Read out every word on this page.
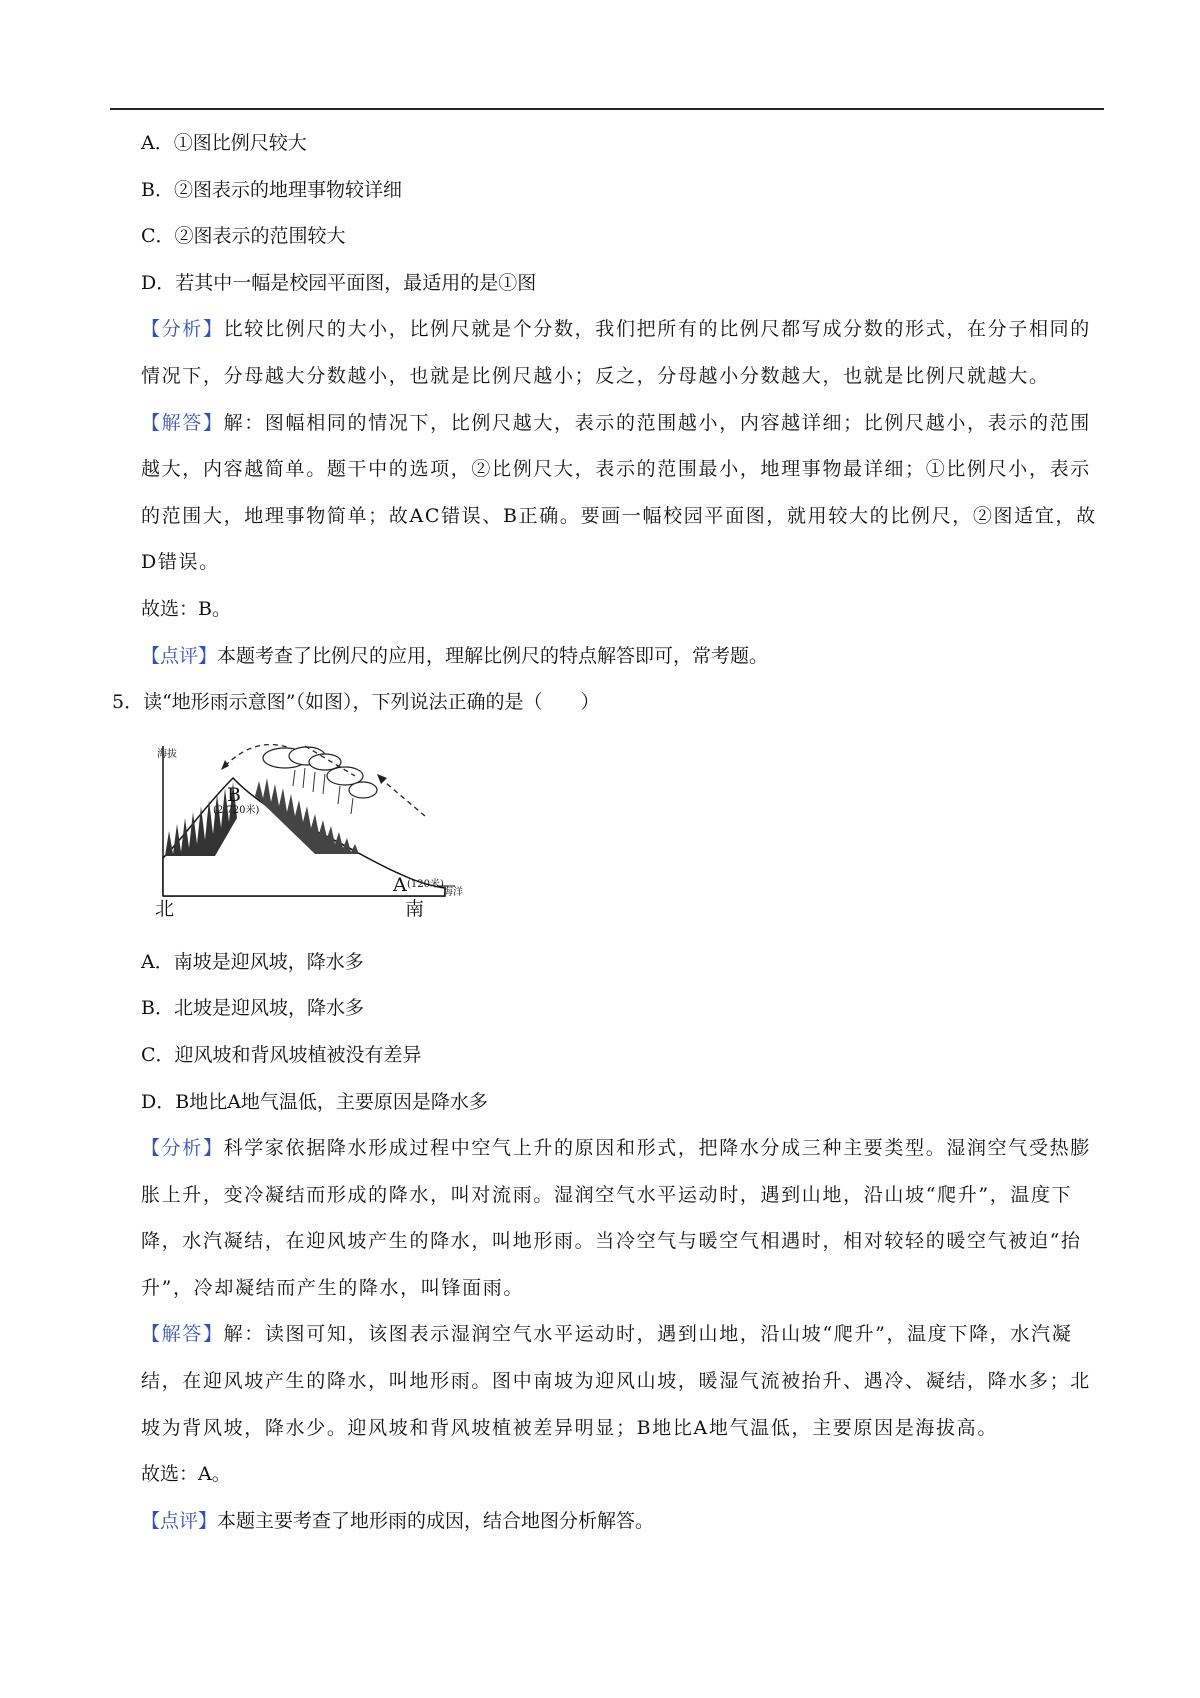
A．①图比例尺较大
B．②图表示的地理事物较详细
C．②图表示的范围较大
D．若其中一幅是校园平面图，最适用的是①图
【分析】比较比例尺的大小，比例尺就是个分数，我们把所有的比例尺都写成分数的形式，在分子相同的情况下，分母越大分数越小，也就是比例尺越小；反之，分母越小分数越大，也就是比例尺就越大。
【解答】解：图幅相同的情况下，比例尺越大，表示的范围越小，内容越详细；比例尺越小，表示的范围越大，内容越简单。题干中的选项，②比例尺大，表示的范围最小，地理事物最详细；①比例尺小，表示的范围大，地理事物简单；故AC错误、B正确。要画一幅校园平面图，就用较大的比例尺，②图适宜，故D错误。
故选：B。
【点评】本题考查了比例尺的应用，理解比例尺的特点解答即可，常考题。
5．读“地形雨示意图”（如图），下列说法正确的是（　　）
海拔
B
(2 720米)
A (120米)
海洋
北	南
A．南坡是迎风坡，降水多
B．北坡是迎风坡，降水多
C．迎风坡和背风坡植被没有差异
D．B地比A地气温低，主要原因是降水多
【分析】科学家依据降水形成过程中空气上升的原因和形式，把降水分成三种主要类型。湿润空气受热膨胀上升，变冷凝结而形成的降水，叫对流雨。湿润空气水平运动时，遇到山地，沿山坡“爬升”，温度下降，水汽凝结，在迎风坡产生的降水，叫地形雨。当冷空气与暖空气相遇时，相对较轻的暖空气被迫“抬升”，冷却凝结而产生的降水，叫锋面雨。
【解答】解：读图可知，该图表示湿润空气水平运动时，遇到山地，沿山坡“爬升”，温度下降，水汽凝结，在迎风坡产生的降水，叫地形雨。图中南坡为迎风山坡，暖湿气流被抬升、遇冷、凝结，降水多；北坡为背风坡，降水少。迎风坡和背风坡植被差异明显；B地比A地气温低，主要原因是海拔高。
故选：A。
【点评】本题主要考查了地形雨的成因，结合地图分析解答。
